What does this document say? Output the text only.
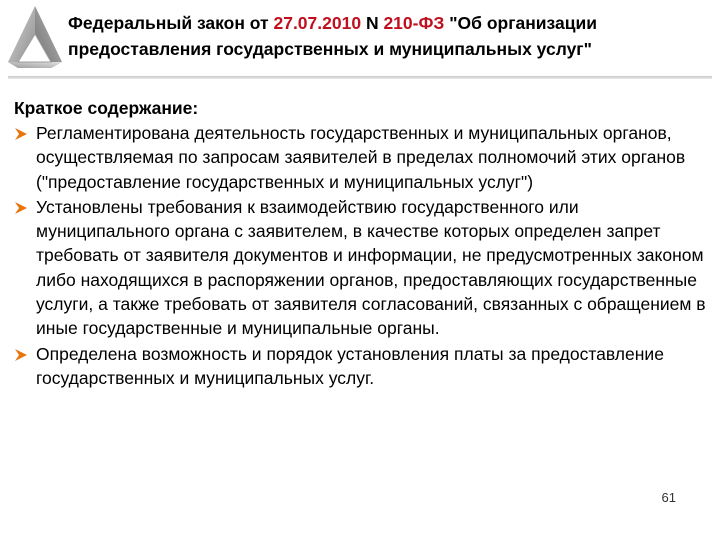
Федеральный закон от 27.07.2010 N 210-ФЗ "Об организации
предоставления государственных и муниципальных услуг"
Краткое содержание:
Регламентирована деятельность государственных и муниципальных органов, осуществляемая по запросам заявителей в пределах полномочий этих органов ("предоставление государственных и муниципальных услуг")
Установлены требования к взаимодействию государственного или муниципального органа с заявителем, в качестве которых определен запрет требовать от заявителя документов и информации, не предусмотренных законом либо находящихся в распоряжении органов, предоставляющих государственные услуги, а также требовать от заявителя согласований, связанных с обращением в иные государственные и муниципальные органы.
Определена возможность и порядок установления платы за предоставление государственных и муниципальных услуг.
61
